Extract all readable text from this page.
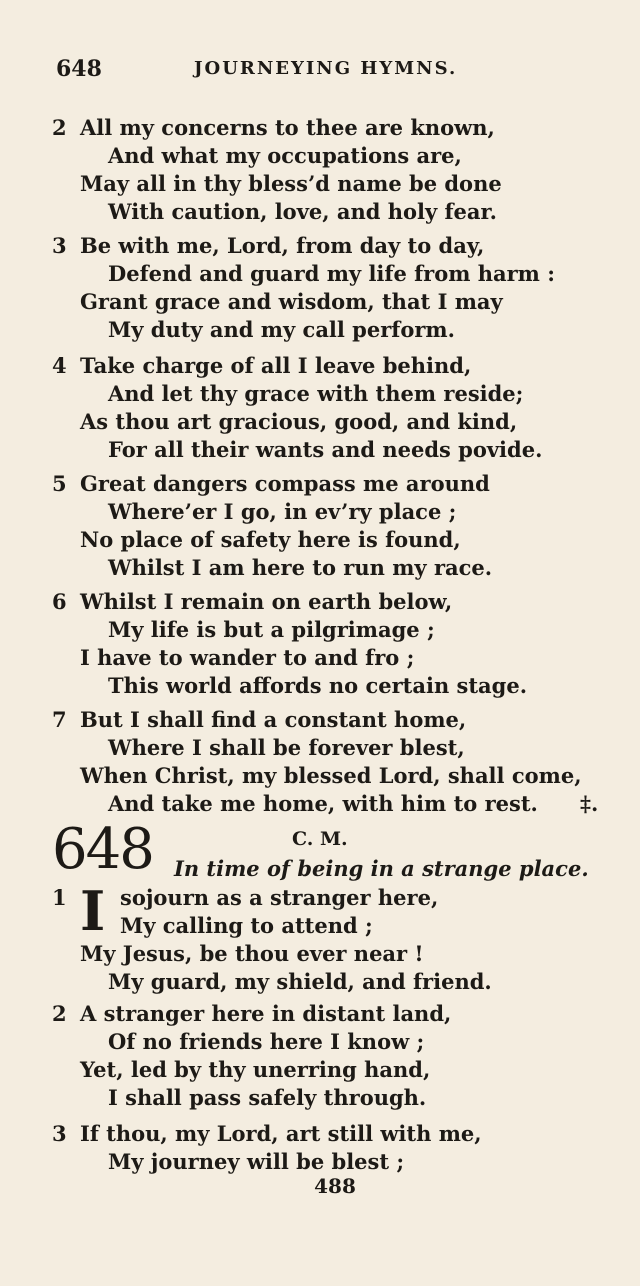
648	JOURNEYING HYMNS.
2 All my concerns to thee are known,
And what my occupations are,
May all in thy bless’d name be done
With caution, love, and holy fear.
3 Be with me, Lord, from day to day,
Defend and guard my life from harm :
Grant grace and wisdom, that I may
My duty and my call perform.
4 Take charge of all I leave behind,
And let thy grace with them reside;
As thou art gracious, good, and kind,
For all their wants and needs povide.
5 Great dangers compass me around
Where’er I go, in ev’ry place ;
No place of safety here is found,
Whilst I am here to run my race.
6 Whilst I remain on earth below,
My life is but a pilgrimage ;
I have to wander to and fro ;
This world affords no certain stage.
7 But I shall find a constant home,
Where I shall be forever blest,
When Christ, my blessed Lord, shall come,
And take me home, with him to rest. ‡.
648	C. M.
In time of being in a strange place.
1 I sojourn as a stranger here,
My calling to attend ;
My Jesus, be thou ever near !
My guard, my shield, and friend.
2 A stranger here in distant land,
Of no friends here I know ;
Yet, led by thy unerring hand,
I shall pass safely through.
3 If thou, my Lord, art still with me,
My journey will be blest ;
488
